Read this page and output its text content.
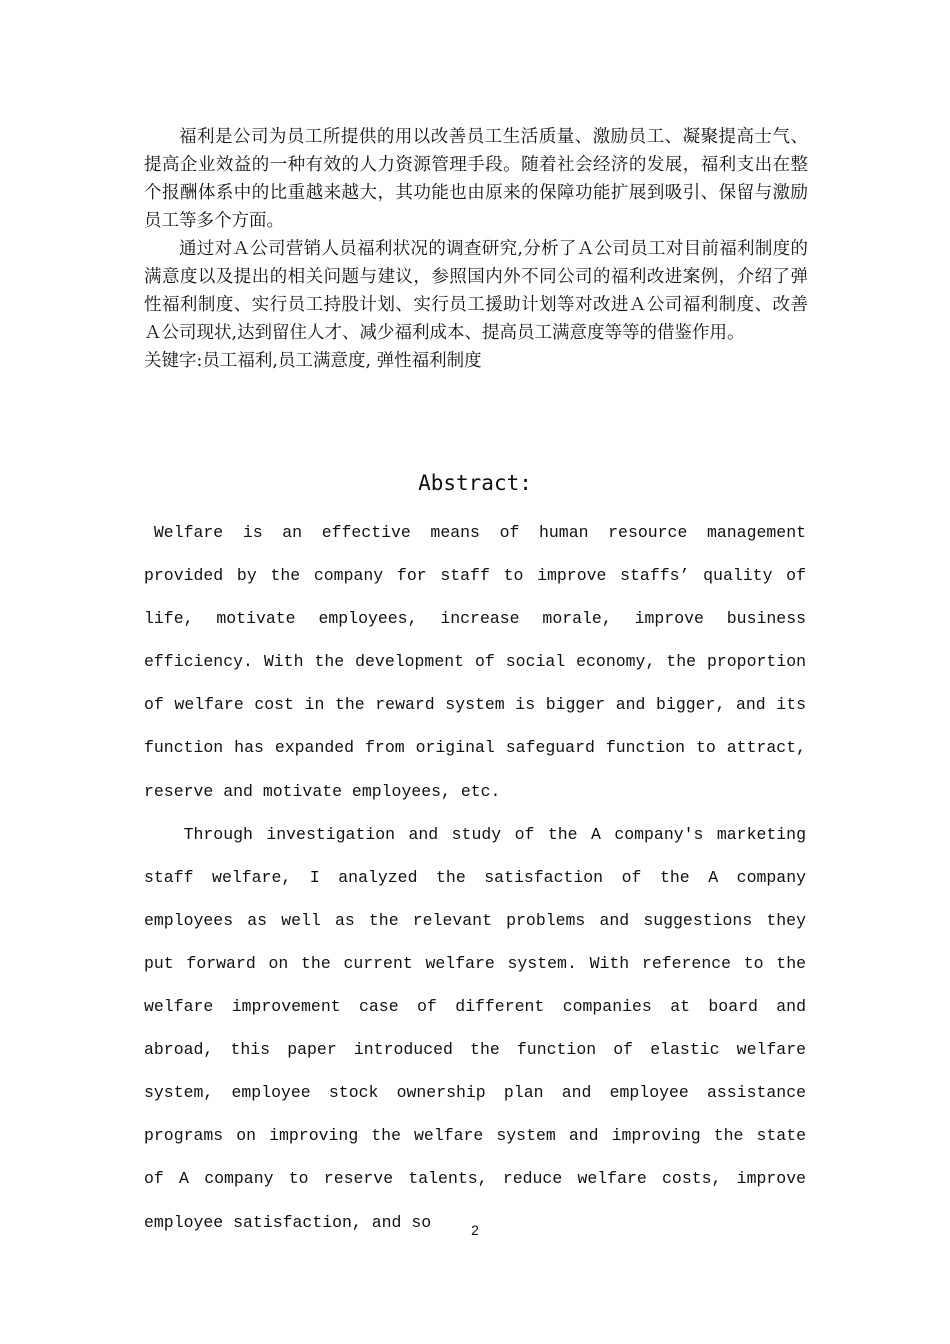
福利是公司为员工所提供的用以改善员工生活质量、激励员工、凝聚提高士气、提高企业效益的一种有效的人力资源管理手段。随着社会经济的发展，福利支出在整个报酬体系中的比重越来越大，其功能也由原来的保障功能扩展到吸引、保留与激励员工等多个方面。

通过对Ａ公司营销人员福利状况的调查研究,分析了Ａ公司员工对目前福利制度的满意度以及提出的相关问题与建议，参照国内外不同公司的福利改进案例，介绍了弹性福利制度、实行员工持股计划、实行员工援助计划等对改进Ａ公司福利制度、改善Ａ公司现状,达到留住人才、减少福利成本、提高员工满意度等等的借鉴作用。

关键字:员工福利,员工满意度, 弹性福利制度

Abstract:

Welfare is an effective means of human resource management provided by the company for staff to improve staffs’ quality of life, motivate employees, increase morale, improve business efficiency. With the development of social economy, the proportion of welfare cost in the reward system is bigger and bigger, and its function has expanded from original safeguard function to attract, reserve and motivate employees, etc.

Through investigation and study of the A company's marketing staff welfare, I analyzed the satisfaction of the A company employees as well as the relevant problems and suggestions they put forward on the current welfare system. With reference to the welfare improvement case of different companies at board and abroad, this paper introduced the function of elastic welfare system, employee stock ownership plan and employee assistance programs on improving the welfare system and improving the state of A company to reserve talents, reduce welfare costs, improve employee satisfaction, and so	2
